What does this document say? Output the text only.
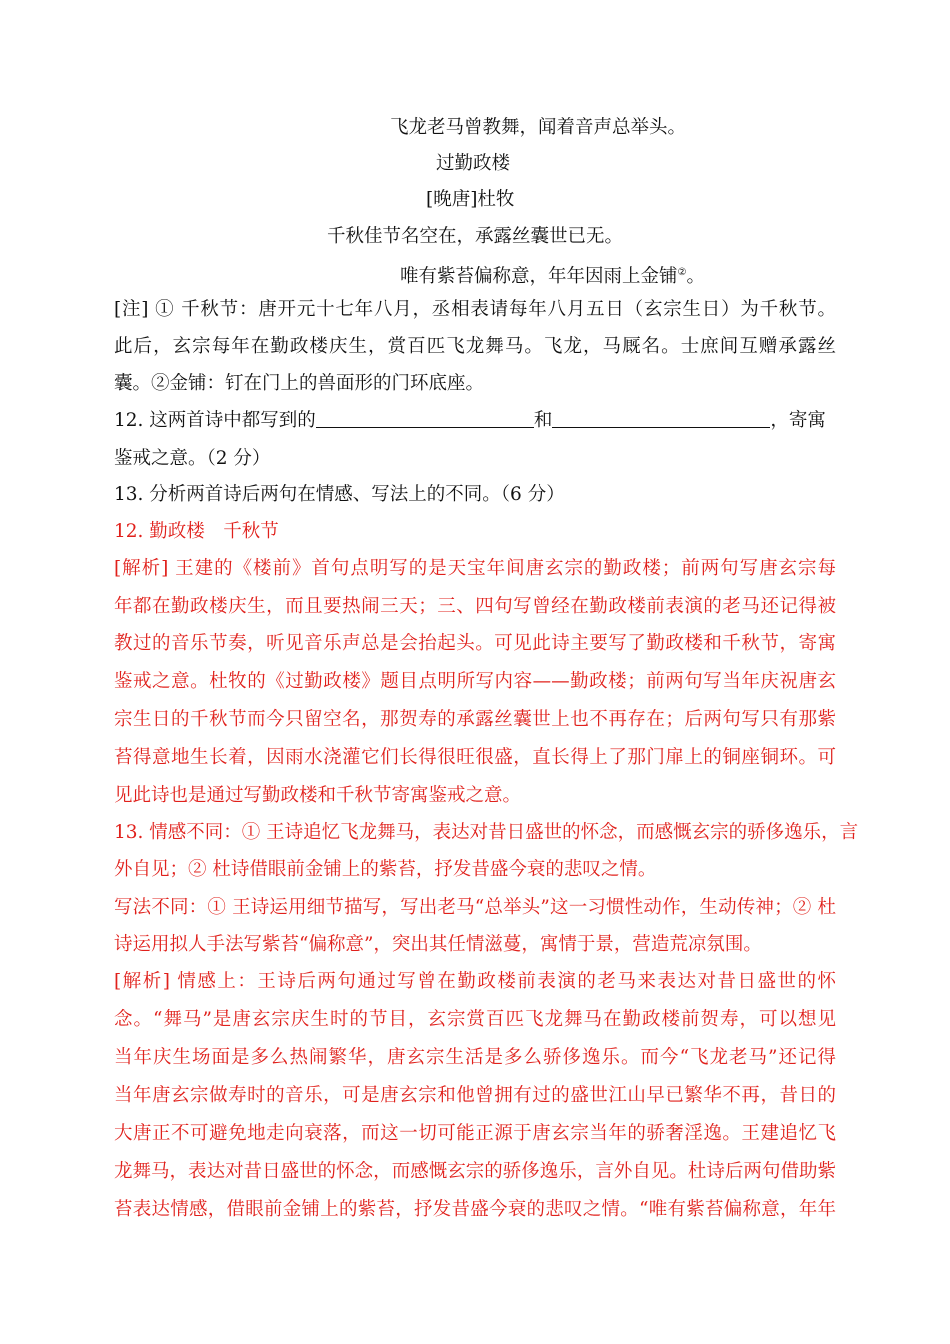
飞龙老马曾教舞，闻着音声总举头。
过勤政楼
[晚唐]杜牧
千秋佳节名空在，承露丝囊世已无。
唯有紫苔偏称意，年年因雨上金铺②。
[注] ① 千秋节：唐开元十七年八月，丞相表请每年八月五日（玄宗生日）为千秋节。
此后，玄宗每年在勤政楼庆生，赏百匹飞龙舞马。飞龙，马厩名。士庶间互赠承露丝
囊。②金铺：钉在门上的兽面形的门环底座。
12. 这两首诗中都写到的	和	，寄寓
鉴戒之意。（2 分）
13. 分析两首诗后两句在情感、写法上的不同。（6 分）
12. 勤政楼　千秋节
[解析] 王建的《楼前》首句点明写的是天宝年间唐玄宗的勤政楼；前两句写唐玄宗每
年都在勤政楼庆生，而且要热闹三天；三、四句写曾经在勤政楼前表演的老马还记得被
教过的音乐节奏，听见音乐声总是会抬起头。可见此诗主要写了勤政楼和千秋节，寄寓
鉴戒之意。杜牧的《过勤政楼》题目点明所写内容——勤政楼；前两句写当年庆祝唐玄
宗生日的千秋节而今只留空名，那贺寿的承露丝囊世上也不再存在；后两句写只有那紫
苔得意地生长着，因雨水浇灌它们长得很旺很盛，直长得上了那门扉上的铜座铜环。可
见此诗也是通过写勤政楼和千秋节寄寓鉴戒之意。
13. 情感不同：① 王诗追忆飞龙舞马，表达对昔日盛世的怀念，而感慨玄宗的骄侈逸乐，言
外自见；② 杜诗借眼前金铺上的紫苔，抒发昔盛今衰的悲叹之情。
写法不同：① 王诗运用细节描写，写出老马“总举头”这一习惯性动作，生动传神；② 杜
诗运用拟人手法写紫苔“偏称意”，突出其任情滋蔓，寓情于景，营造荒凉氛围。
[解析] 情感上：王诗后两句通过写曾在勤政楼前表演的老马来表达对昔日盛世的怀
念。“舞马”是唐玄宗庆生时的节目，玄宗赏百匹飞龙舞马在勤政楼前贺寿，可以想见
当年庆生场面是多么热闹繁华，唐玄宗生活是多么骄侈逸乐。而今“飞龙老马”还记得
当年唐玄宗做寿时的音乐，可是唐玄宗和他曾拥有过的盛世江山早已繁华不再，昔日的
大唐正不可避免地走向衰落，而这一切可能正源于唐玄宗当年的骄奢淫逸。王建追忆飞
龙舞马，表达对昔日盛世的怀念，而感慨玄宗的骄侈逸乐，言外自见。杜诗后两句借助紫
苔表达情感，借眼前金铺上的紫苔，抒发昔盛今衰的悲叹之情。“唯有紫苔偏称意，年年
